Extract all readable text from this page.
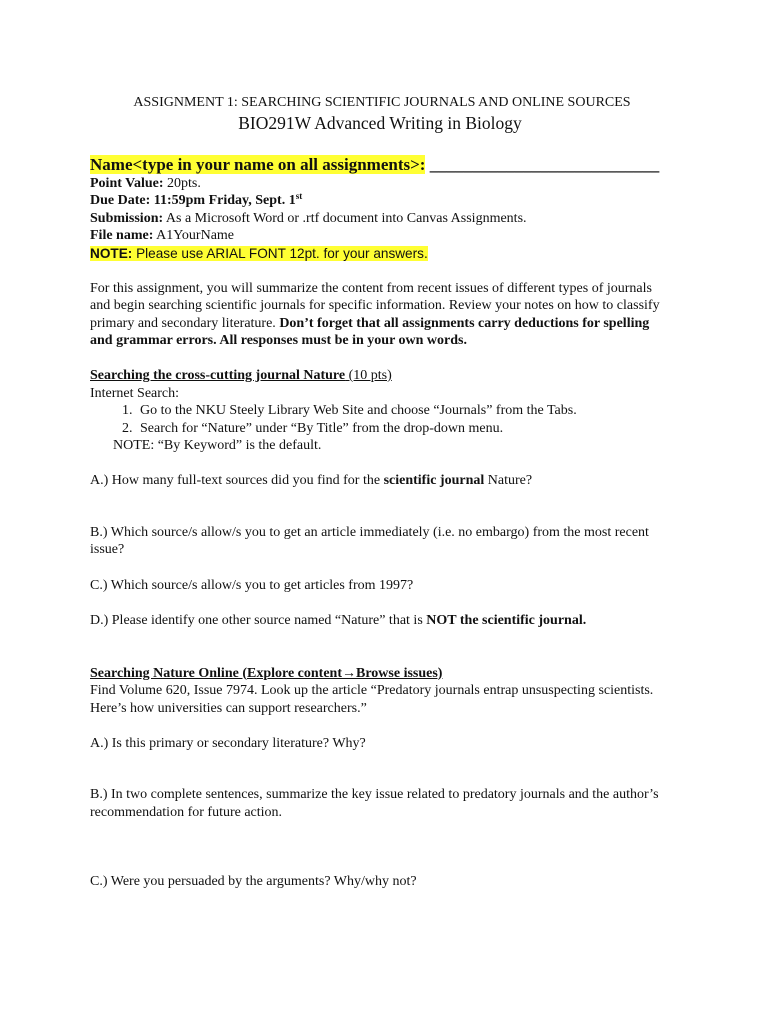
ASSIGNMENT 1: SEARCHING SCIENTIFIC JOURNALS AND ONLINE SOURCES
BIO291W Advanced Writing in Biology
Name<type in your name on all assignments>: ___________________________
Point Value: 20pts.
Due Date: 11:59pm Friday, Sept. 1st
Submission: As a Microsoft Word or .rtf document into Canvas Assignments.
File name: A1YourName
NOTE: Please use ARIAL FONT 12pt. for your answers.

For this assignment, you will summarize the content from recent issues of different types of journals and begin searching scientific journals for specific information. Review your notes on how to classify primary and secondary literature. Don’t forget that all assignments carry deductions for spelling and grammar errors. All responses must be in your own words.

Searching the cross-cutting journal Nature (10 pts)
Internet Search:
1. Go to the NKU Steely Library Web Site and choose “Journals” from the Tabs.
2. Search for “Nature” under “By Title” from the drop-down menu.
NOTE: “By Keyword” is the default.

A.) How many full-text sources did you find for the scientific journal Nature?

B.) Which source/s allow/s you to get an article immediately (i.e. no embargo) from the most recent issue?

C.) Which source/s allow/s you to get articles from 1997?

D.) Please identify one other source named “Nature” that is NOT the scientific journal.

Searching Nature Online (Explore content→Browse issues)

Find Volume 620, Issue 7974. Look up the article “Predatory journals entrap unsuspecting scientists. Here’s how universities can support researchers.”

A.) Is this primary or secondary literature? Why?

B.) In two complete sentences, summarize the key issue related to predatory journals and the author’s recommendation for future action.

C.) Were you persuaded by the arguments? Why/why not?
